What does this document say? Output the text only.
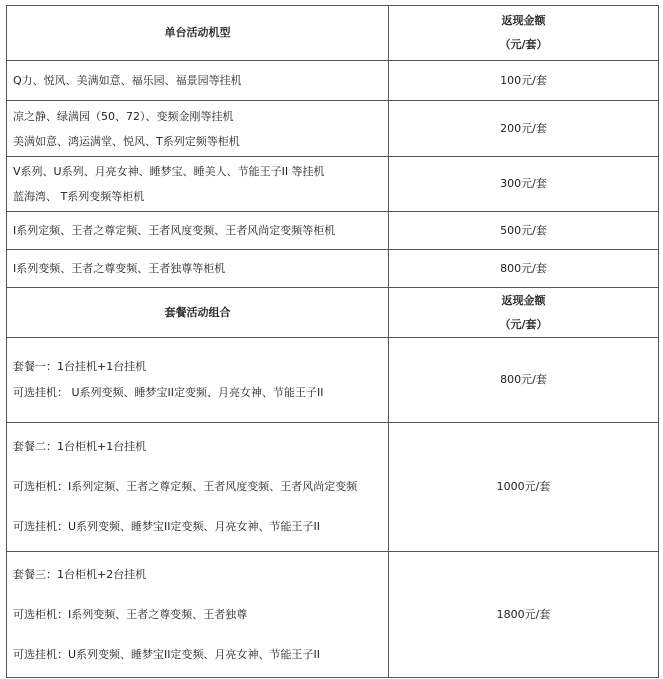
单台活动机型	返现金额
（元/套）

Q力、悦风、美满如意、福乐园、福景园等挂机	100元/套

凉之静、绿满园（50、72）、变频金刚等挂机

美满如意、鸿运满堂、悦风、T系列定频等柜机	200元/套

V系列、U系列、月亮女神、睡梦宝、睡美人、节能王子II 等挂机

蓝海湾、 T系列变频等柜机	300元/套

I系列定频、王者之尊定频、王者风度变频、王者风尚定变频等柜机	500元/套

I系列变频、王者之尊变频、王者独尊等柜机	800元/套
套餐活动组合	返现金额
（元/套）

套餐一：1台挂机+1台挂机

可选挂机： U系列变频、睡梦宝II定变频、月亮女神、节能王子II	800元/套

套餐二：1台柜机+1台挂机

可选柜机：I系列定频、王者之尊定频、王者风度变频、王者风尚定变频

可选挂机：U系列变频、睡梦宝II定变频、月亮女神、节能王子II	1000元/套

套餐三：1台柜机+2台挂机

可选柜机：I系列变频、王者之尊变频、王者独尊

可选挂机：U系列变频、睡梦宝II定变频、月亮女神、节能王子II	1800元/套
